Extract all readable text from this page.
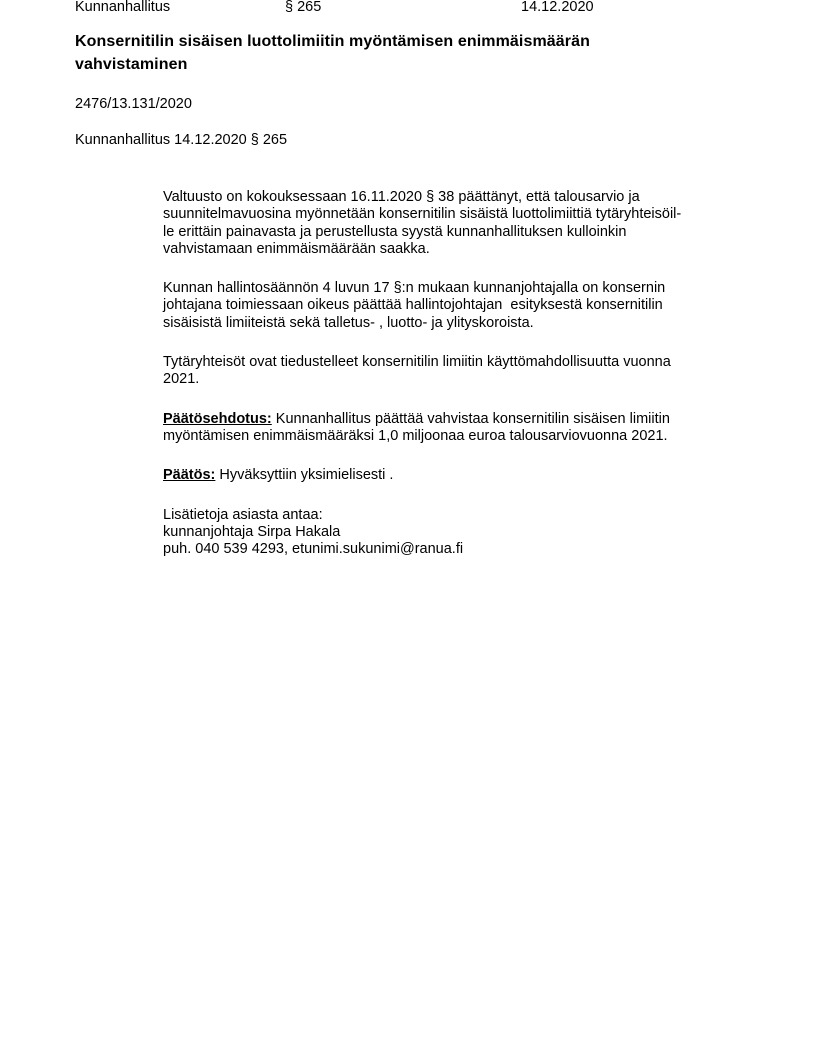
Kunnanhallitus	§ 265	14.12.2020
Konsernitilin sisäisen luottolimiitin myöntämisen enimmäismäärän
vahvistaminen
2476/13.131/2020
Kunnanhallitus 14.12.2020 § 265

Valtuusto on kokouksessaan 16.11.2020 § 38 päättänyt, että talousarvio ja
suunnitelmavuosina myönnetään konsernitilin sisäistä luottolimiittiä tytäryhteisöil-
le erittäin painavasta ja perustellusta syystä kunnanhallituksen kulloinkin
vahvistamaan enimmäismäärään saakka.

Kunnan hallintosäännön 4 luvun 17 §:n mukaan kunnanjohtajalla on konsernin
johtajana toimiessaan oikeus päättää hallintojohtajan  esityksestä konsernitilin
sisäisistä limiiteistä sekä talletus- , luotto- ja ylityskoroista.

Tytäryhteisöt ovat tiedustelleet konsernitilin limiitin käyttömahdollisuutta vuonna
2021.

Päätösehdotus: Kunnanhallitus päättää vahvistaa konsernitilin sisäisen limiitin
myöntämisen enimmäismääräksi 1,0 miljoonaa euroa talousarviovuonna 2021.

Päätös: Hyväksyttiin yksimielisesti .

Lisätietoja asiasta antaa:
kunnanjohtaja Sirpa Hakala
puh. 040 539 4293, etunimi.sukunimi@ranua.fi
